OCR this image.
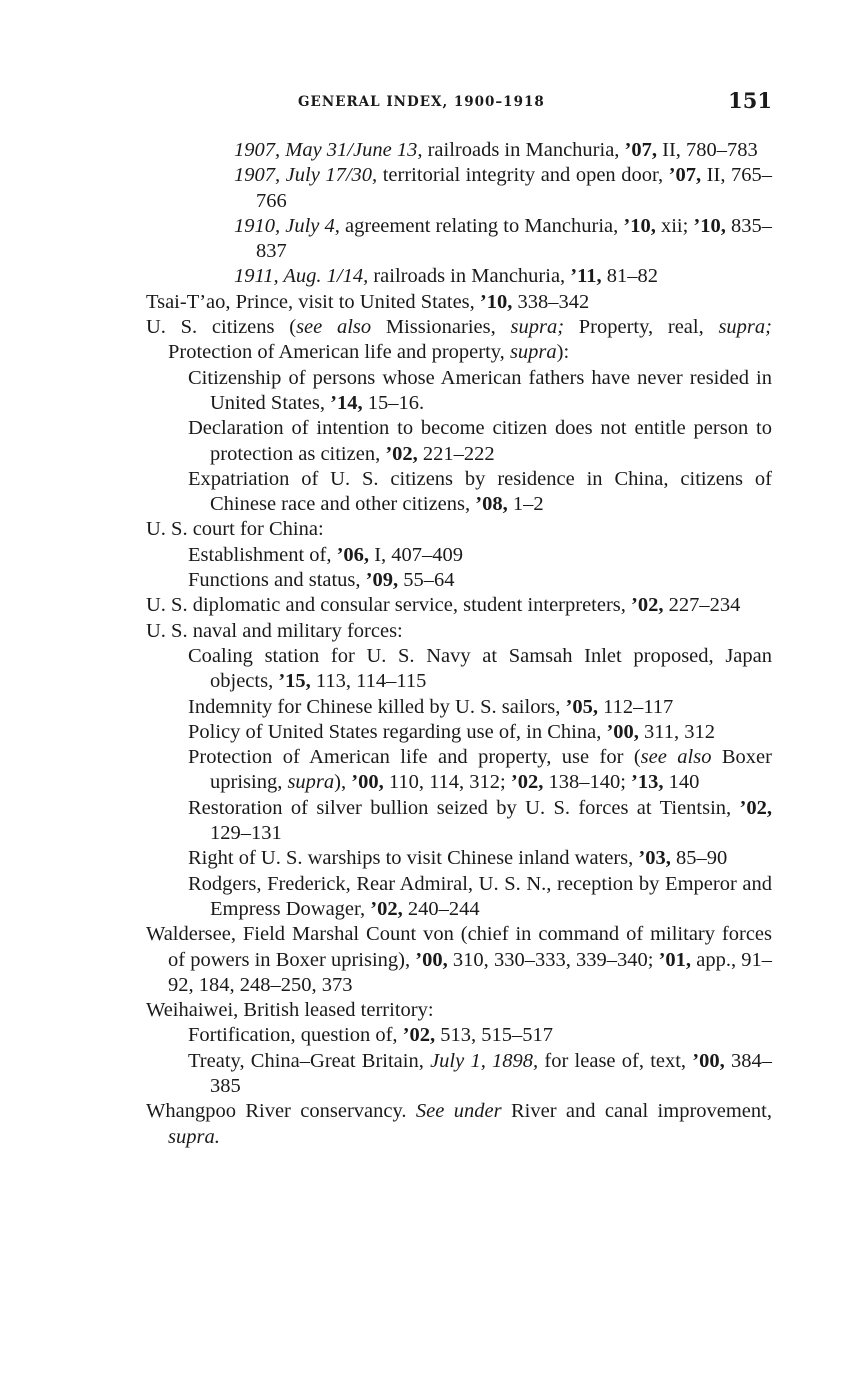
GENERAL INDEX, 1900–1918	151
1907, May 31/June 13, railroads in Manchuria, ’07, II, 780–783
1907, July 17/30, territorial integrity and open door, ’07, II, 765–766
1910, July 4, agreement relating to Manchuria, ’10, xii; ’10, 835–837
1911, Aug. 1/14, railroads in Manchuria, ’11, 81–82
Tsai-T’ao, Prince, visit to United States, ’10, 338–342
U. S. citizens (see also Missionaries, supra; Property, real, supra; Protection of American life and property, supra):
Citizenship of persons whose American fathers have never resided in United States, ’14, 15–16.
Declaration of intention to become citizen does not entitle person to protection as citizen, ’02, 221–222
Expatriation of U. S. citizens by residence in China, citizens of Chinese race and other citizens, ’08, 1–2
U. S. court for China:
Establishment of, ’06, I, 407–409
Functions and status, ’09, 55–64
U. S. diplomatic and consular service, student interpreters, ’02, 227–234
U. S. naval and military forces:
Coaling station for U. S. Navy at Samsah Inlet proposed, Japan objects, ’15, 113, 114–115
Indemnity for Chinese killed by U. S. sailors, ’05, 112–117
Policy of United States regarding use of, in China, ’00, 311, 312
Protection of American life and property, use for (see also Boxer uprising, supra), ’00, 110, 114, 312; ’02, 138–140; ’13, 140
Restoration of silver bullion seized by U. S. forces at Tientsin, ’02, 129–131
Right of U. S. warships to visit Chinese inland waters, ’03, 85–90
Rodgers, Frederick, Rear Admiral, U. S. N., reception by Emperor and Empress Dowager, ’02, 240–244
Waldersee, Field Marshal Count von (chief in command of military forces of powers in Boxer uprising), ’00, 310, 330–333, 339–340; ’01, app., 91–92, 184, 248–250, 373
Weihaiwei, British leased territory:
Fortification, question of, ’02, 513, 515–517
Treaty, China–Great Britain, July 1, 1898, for lease of, text, ’00, 384–385
Whangpoo River conservancy. See under River and canal improvement, supra.
